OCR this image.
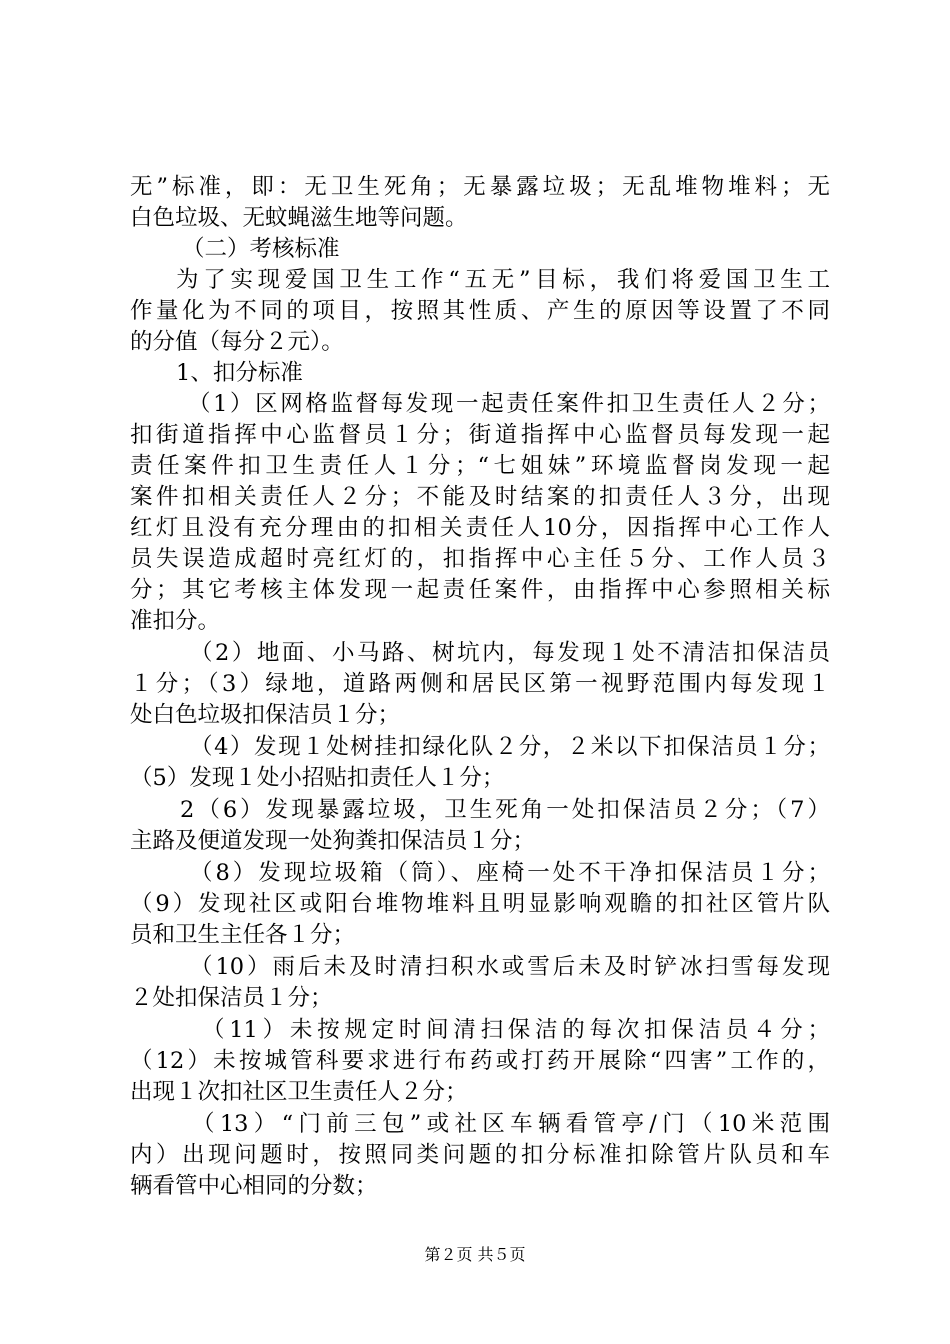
无”标准，即：无卫生死角；无暴露垃圾；无乱堆物堆料；无
白色垃圾、无蚊蝇滋生地等问题。
（二）考核标准
为了实现爱国卫生工作“五无”目标，我们将爱国卫生工
作量化为不同的项目，按照其性质、产生的原因等设置了不同
的分值（每分２元）。
1、扣分标准
（1）区网格监督每发现一起责任案件扣卫生责任人２分；
扣街道指挥中心监督员１分；街道指挥中心监督员每发现一起
责任案件扣卫生责任人１分；“七姐妹”环境监督岗发现一起
案件扣相关责任人２分；不能及时结案的扣责任人３分，出现
红灯且没有充分理由的扣相关责任人10分，因指挥中心工作人
员失误造成超时亮红灯的，扣指挥中心主任５分、工作人员３
分；其它考核主体发现一起责任案件，由指挥中心参照相关标
准扣分。
（2）地面、小马路、树坑内，每发现１处不清洁扣保洁员
１分；（3）绿地，道路两侧和居民区第一视野范围内每发现１
处白色垃圾扣保洁员１分；
（4）发现１处树挂扣绿化队２分，２米以下扣保洁员１分；
（5）发现１处小招贴扣责任人１分；
2（6）发现暴露垃圾，卫生死角一处扣保洁员２分；（7）
主路及便道发现一处狗粪扣保洁员１分；
（8）发现垃圾箱（筒）、座椅一处不干净扣保洁员１分；
（9）发现社区或阳台堆物堆料且明显影响观瞻的扣社区管片队
员和卫生主任各１分；
（10）雨后未及时清扫积水或雪后未及时铲冰扫雪每发现
２处扣保洁员１分；
（11）未按规定时间清扫保洁的每次扣保洁员４分；
（12）未按城管科要求进行布药或打药开展除“四害”工作的，
出现１次扣社区卫生责任人２分；
（13）“门前三包”或社区车辆看管亭/门（10米范围
内）出现问题时，按照同类问题的扣分标准扣除管片队员和车
辆看管中心相同的分数；
第２页 共５页
